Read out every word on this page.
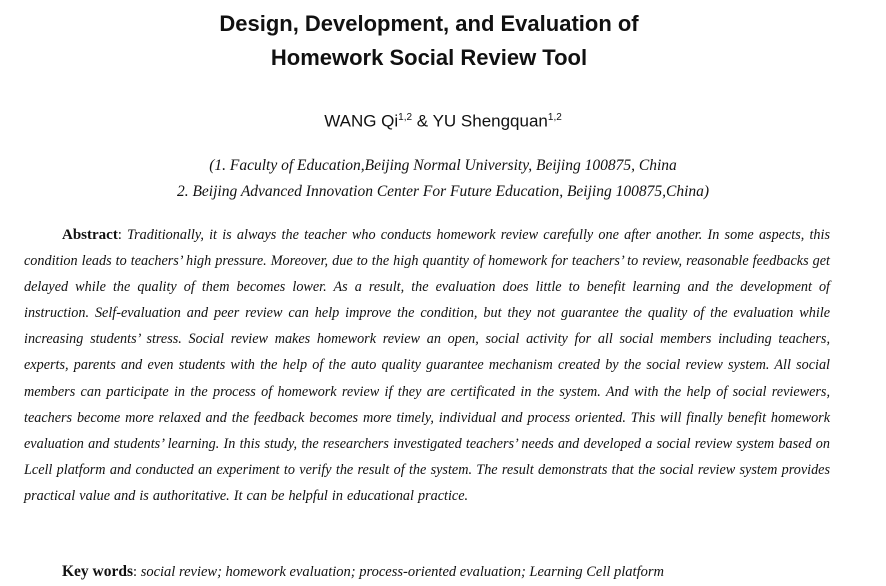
Design, Development, and Evaluation of
Homework Social Review Tool
WANG Qi$^{1,2}$ & YU Shengquan$^{1,2}$
(1. Faculty of Education,Beijing Normal University, Beijing 100875, China
2. Beijing Advanced Innovation Center For Future Education, Beijing 100875,China)

Abstract: Traditionally, it is always the teacher who conducts homework review carefully one after another. In some aspects, this condition leads to teachers’ high pressure. Moreover, due to the high quantity of homework for teachers’ to review, reasonable feedbacks get delayed while the quality of them becomes lower. As a result, the evaluation does little to benefit learning and the development of instruction. Self-evaluation and peer review can help improve the condition, but they not guarantee the quality of the evaluation while increasing students’ stress. Social review makes homework review an open, social activity for all social members including teachers, experts, parents and even students with the help of the auto quality guarantee mechanism created by the social review system. All social members can participate in the process of homework review if they are certificated in the system. And with the help of social reviewers, teachers become more relaxed and the feedback becomes more timely, individual and process oriented. This will finally benefit homework evaluation and students’ learning. In this study, the researchers investigated teachers’ needs and developed a social review system based on Lcell platform and conducted an experiment to verify the result of the system. The result demonstrats that the social review system provides practical value and is authoritative. It can be helpful in educational practice.

Key words: social review; homework evaluation; process-oriented evaluation; Learning Cell platform
